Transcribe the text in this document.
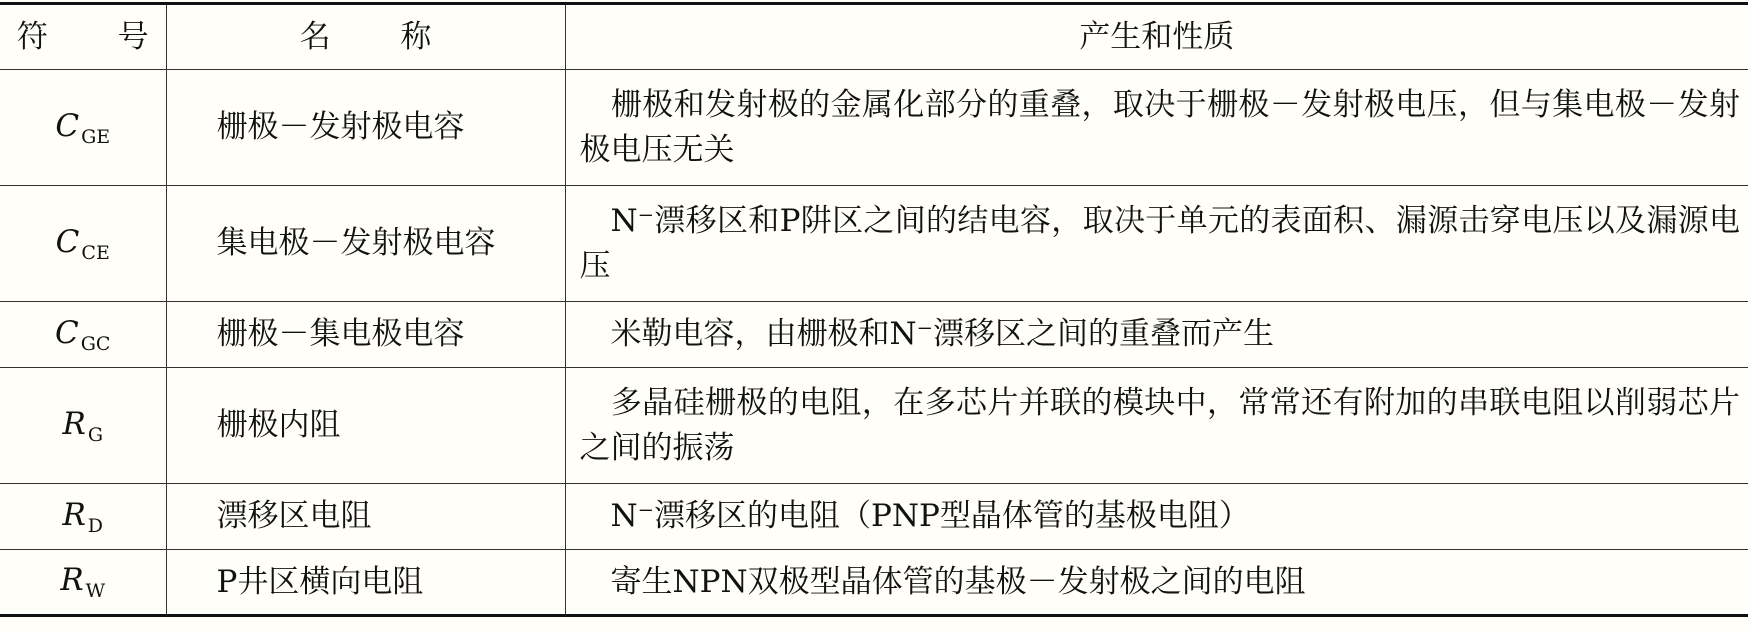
符 号	名 称	产生和性质
C $_{GE}$	栅极－发射极电容	栅极和发射极的金属化部分的重叠，取决于栅极－发射极电压，但与集电极－发射极电压无关
C $_{CE}$	集电极－发射极电容	N⁻漂移区和P阱区之间的结电容，取决于单元的表面积、漏源击穿电压以及漏源电压
C $_{GC}$	栅极－集电极电容	米勒电容，由栅极和N⁻漂移区之间的重叠而产生
R $_G$	栅极内阻	多晶硅栅极的电阻，在多芯片并联的模块中，常常还有附加的串联电阻以削弱芯片之间的振荡
R $_D$	漂移区电阻	N⁻漂移区的电阻（PNP型晶体管的基极电阻）
R $_W$	P井区横向电阻	寄生NPN双极型晶体管的基极－发射极之间的电阻
